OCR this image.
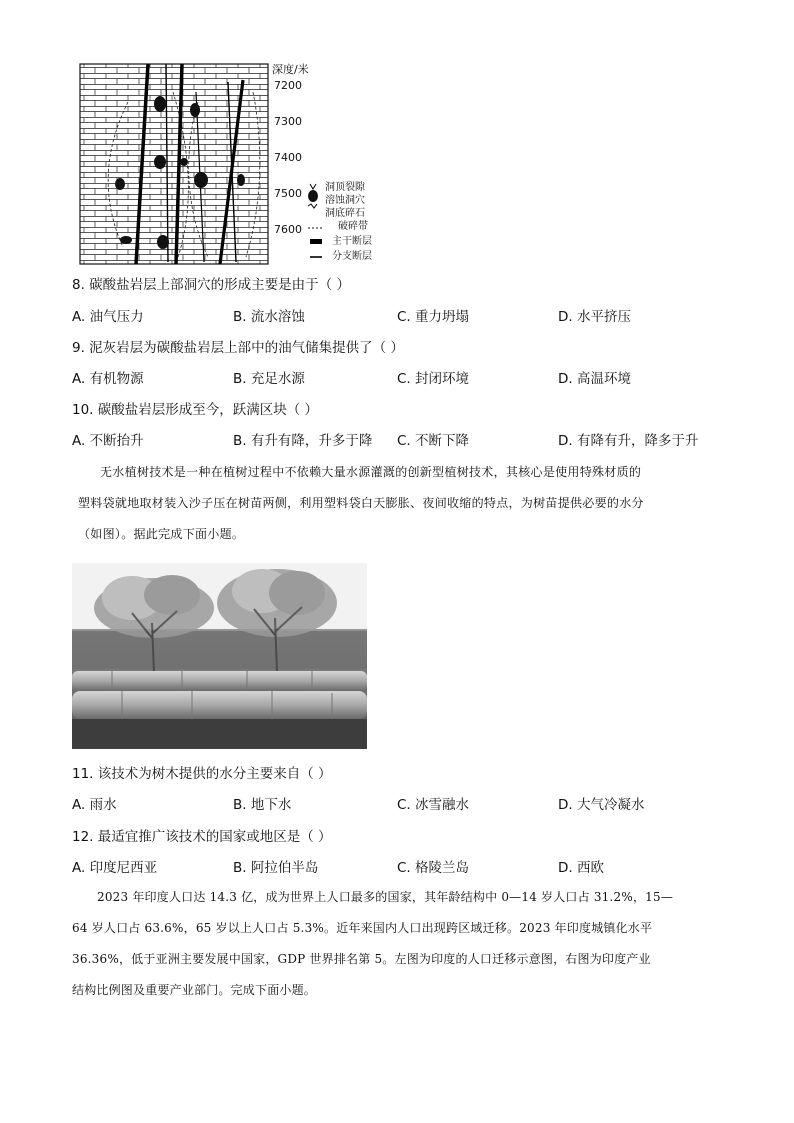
深度/米
7200
7300
7400
7500
7600
洞顶裂隙
溶蚀洞穴
洞底碎石
破碎带
主干断层
分支断层
8. 碳酸盐岩层上部洞穴的形成主要是由于（ ）
A. 油气压力	B. 流水溶蚀	C. 重力坍塌	D. 水平挤压
9. 泥灰岩层为碳酸盐岩层上部中的油气储集提供了（ ）
A. 有机物源	B. 充足水源	C. 封闭环境	D. 高温环境
10. 碳酸盐岩层形成至今，跃满区块（ ）
A. 不断抬升	B. 有升有降，升多于降 C. 不断下降	D. 有降有升，降多于升
无水植树技术是一种在植树过程中不依赖大量水源灌溉的创新型植树技术，其核心是使用特殊材质的
塑料袋就地取材装入沙子压在树苗两侧，利用塑料袋白天膨胀、夜间收缩的特点，为树苗提供必要的水分
（如图）。据此完成下面小题。
11. 该技术为树木提供的水分主要来自（ ）
A. 雨水	B. 地下水	C. 冰雪融水	D. 大气冷凝水
12. 最适宜推广该技术的国家或地区是（ ）
A. 印度尼西亚	B. 阿拉伯半岛	C. 格陵兰岛	D. 西欧
2023 年印度人口达 14.3 亿，成为世界上人口最多的国家，其年龄结构中 0—14 岁人口占 31.2%，15—
64 岁人口占 63.6%，65 岁以上人口占 5.3%。近年来国内人口出现跨区域迁移。2023 年印度城镇化水平
36.36%，低于亚洲主要发展中国家，GDP 世界排名第 5。左图为印度的人口迁移示意图，右图为印度产业
结构比例图及重要产业部门。完成下面小题。
